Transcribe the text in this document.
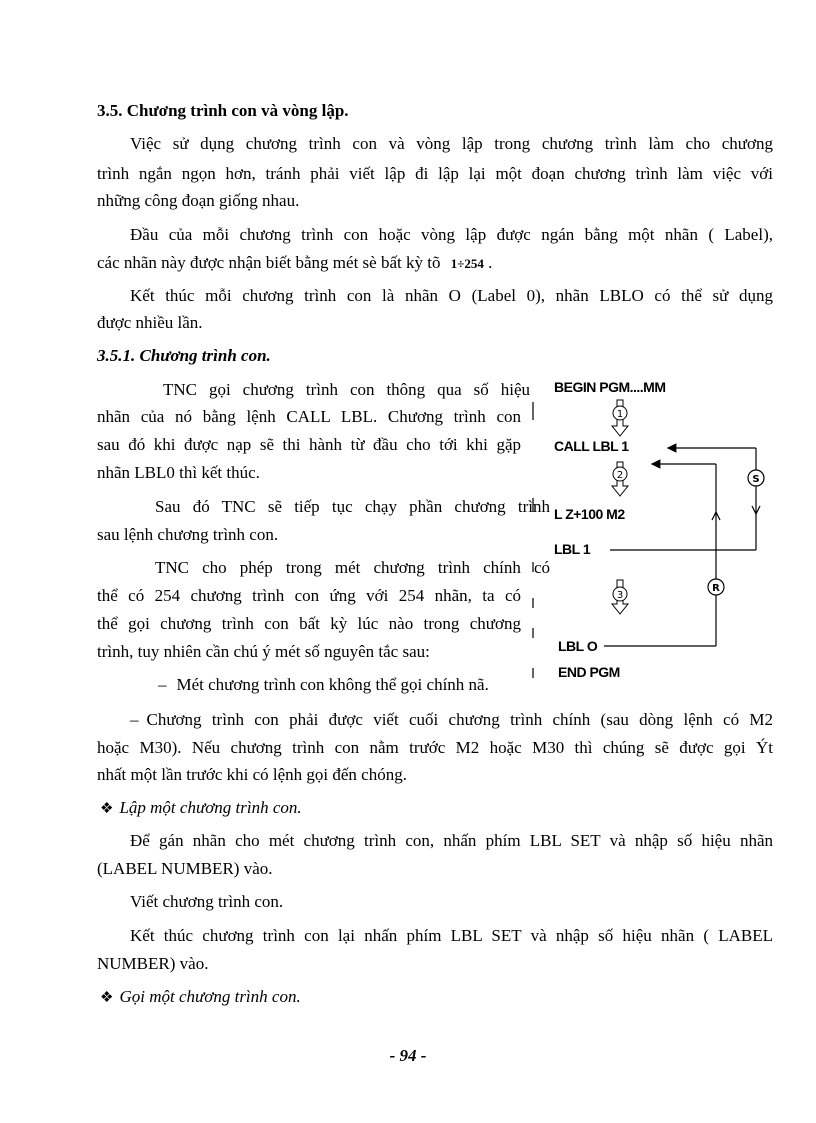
3.5. Chương trình con và vòng lập.
Việc sử dụng chương trình con và vòng lập trong chương trình làm cho chương
trình ngắn ngọn hơn, tránh phải viết lập đi lập lại một đoạn chương trình làm việc với
những công đoạn giống nhau.
Đầu của mỗi chương trình con hoặc vòng lập được ngán bằng một nhãn ( Label),
các nhãn này được nhận biết bằng mét sè bất kỳ tõ 1÷254 .
Kết thúc mỗi chương trình con là nhãn O (Label 0), nhãn LBLO có thể sử dụng
được nhiều lần.
3.5.1. Chương trình con.
TNC gọi chương trình con thông qua số hiệu
nhãn của nó bằng lệnh CALL LBL. Chương trình con
sau đó khi được nạp sẽ thi hành từ đầu cho tới khi gặp
nhãn LBL0 thì kết thúc.
Sau đó TNC sẽ tiếp tục chạy phần chương trình
sau lệnh chương trình con.
TNC cho phép trong mét chương trình chính có
thể có 254 chương trình con ứng với 254 nhãn, ta có
thể gọi chương trình con bất kỳ lúc nào trong chương
trình, tuy nhiên cần chú ý mét số nguyên tắc sau:
– Mét chương trình con không thể gọi chính nã.
– Chương trình con phải được viết cuối chương trình chính (sau dòng lệnh có M2
hoặc M30). Nếu chương trình con nằm trước M2 hoặc M30 thì chúng sẽ được gọi Ýt
nhất một lần trước khi có lệnh gọi đến chóng.
1
2
3
S
R
BEGIN PGM....MM
CALL LBL 1
L Z+100 M2
LBL 1
LBL O
END PGM
❖ Lập một chương trình con.
Để gán nhãn cho mét chương trình con, nhấn phím LBL SET và nhập số hiệu nhãn
(LABEL NUMBER) vào.
Viết chương trình con.
Kết thúc chương trình con lại nhấn phím LBL SET và nhập số hiệu nhãn ( LABEL
NUMBER) vào.
❖ Gọi một chương trình con.
- 94 -
